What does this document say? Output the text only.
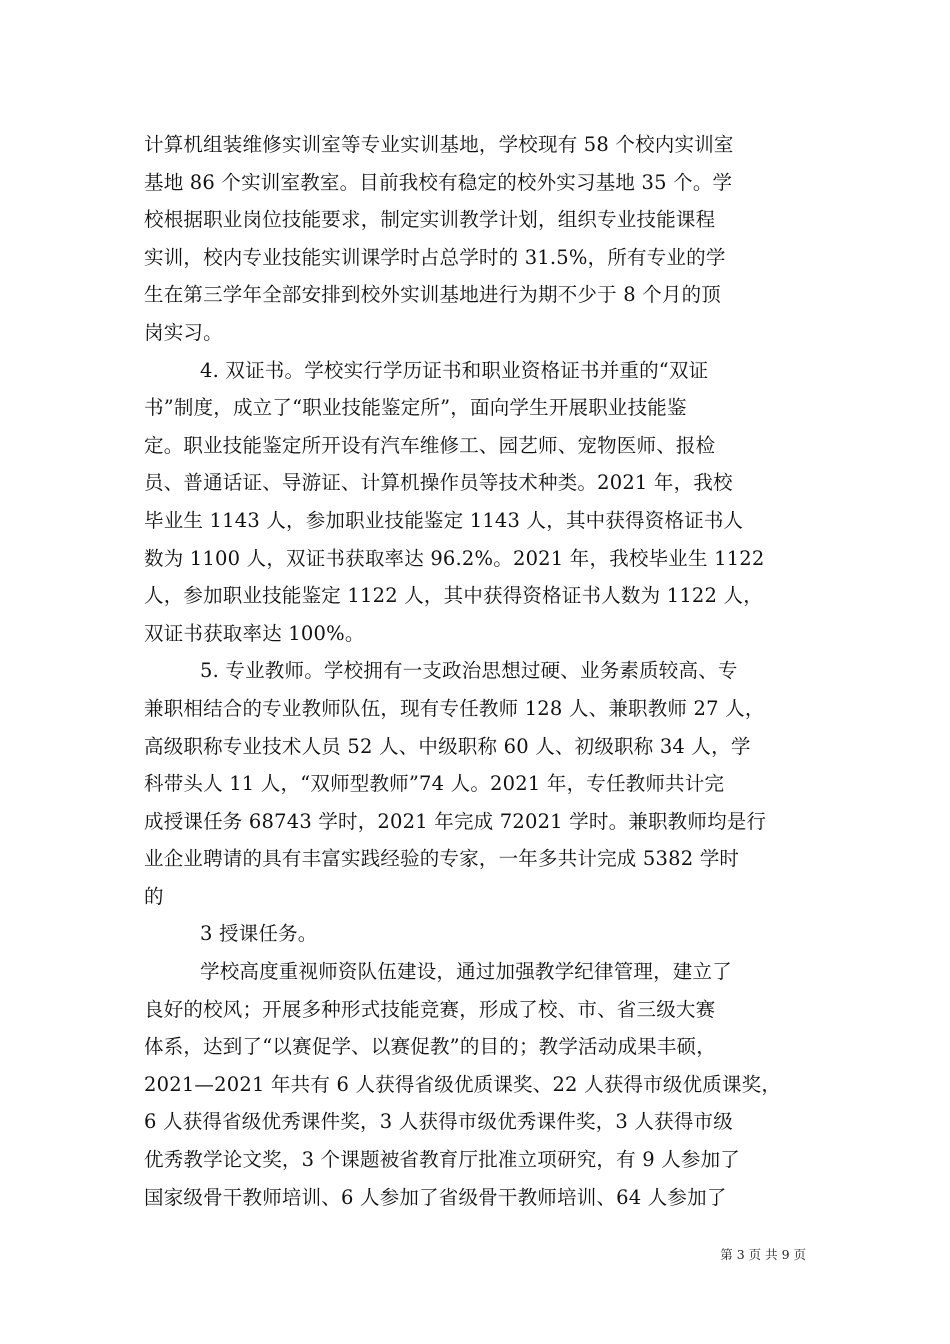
计算机组装维修实训室等专业实训基地，学校现有 58 个校内实训室
基地 86 个实训室教室。目前我校有稳定的校外实习基地 35 个。学
校根据职业岗位技能要求，制定实训教学计划，组织专业技能课程
实训，校内专业技能实训课学时占总学时的 31.5%，所有专业的学
生在第三学年全部安排到校外实训基地进行为期不少于 8 个月的顶
岗实习。
4. 双证书。学校实行学历证书和职业资格证书并重的“双证
书”制度，成立了“职业技能鉴定所”，面向学生开展职业技能鉴
定。职业技能鉴定所开设有汽车维修工、园艺师、宠物医师、报检
员、普通话证、导游证、计算机操作员等技术种类。2021 年，我校
毕业生 1143 人，参加职业技能鉴定 1143 人，其中获得资格证书人
数为 1100 人，双证书获取率达 96.2%。2021 年，我校毕业生 1122
人，参加职业技能鉴定 1122 人，其中获得资格证书人数为 1122 人，
双证书获取率达 100%。
5. 专业教师。学校拥有一支政治思想过硬、业务素质较高、专
兼职相结合的专业教师队伍，现有专任教师 128 人、兼职教师 27 人，
高级职称专业技术人员 52 人、中级职称 60 人、初级职称 34 人，学
科带头人 11 人，“双师型教师”74 人。2021 年，专任教师共计完
成授课任务 68743 学时，2021 年完成 72021 学时。兼职教师均是行
业企业聘请的具有丰富实践经验的专家，一年多共计完成 5382 学时
的
3 授课任务。
学校高度重视师资队伍建设，通过加强教学纪律管理，建立了
良好的校风；开展多种形式技能竞赛，形成了校、市、省三级大赛
体系，达到了“以赛促学、以赛促教”的目的；教学活动成果丰硕，
2021—2021 年共有 6 人获得省级优质课奖、22 人获得市级优质课奖，
6 人获得省级优秀课件奖，3 人获得市级优秀课件奖，3 人获得市级
优秀教学论文奖，3 个课题被省教育厅批准立项研究，有 9 人参加了
国家级骨干教师培训、6 人参加了省级骨干教师培训、64 人参加了
第 3 页 共 9 页
